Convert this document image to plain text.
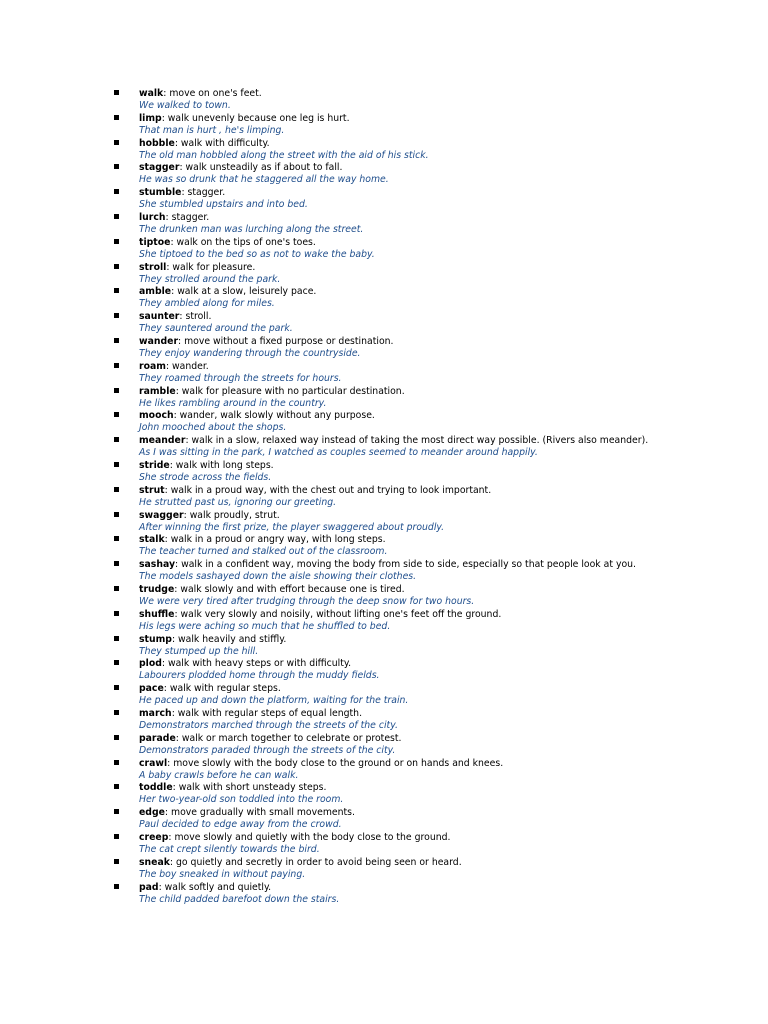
walk: move on one's feet.
We walked to town.
limp: walk unevenly because one leg is hurt.
That man is hurt , he's limping.
hobble: walk with difficulty.
The old man hobbled along the street with the aid of his stick.
stagger: walk unsteadily as if about to fall.
He was so drunk that he staggered all the way home.
stumble: stagger.
She stumbled upstairs and into bed.
lurch: stagger.
The drunken man was lurching along the street.
tiptoe: walk on the tips of one's toes.
She tiptoed to the bed so as not to wake the baby.
stroll: walk for pleasure.
They strolled around the park.
amble: walk at a slow, leisurely pace.
They ambled along for miles.
saunter: stroll.
They sauntered around the park.
wander: move without a fixed purpose or destination.
They enjoy wandering through the countryside.
roam: wander.
They roamed through the streets for hours.
ramble: walk for pleasure with no particular destination.
He likes rambling around in the country.
mooch: wander, walk slowly without any purpose.
John mooched about the shops.
meander: walk in a slow, relaxed way instead of taking the most direct way possible. (Rivers also meander).
As I was sitting in the park, I watched as couples seemed to meander around happily.
stride: walk with long steps.
She strode across the fields.
strut: walk in a proud way, with the chest out and trying to look important.
He strutted past us, ignoring our greeting.
swagger: walk proudly, strut.
After winning the first prize, the player swaggered about proudly.
stalk: walk in a proud or angry way, with long steps.
The teacher turned and stalked out of the classroom.
sashay: walk in a confident way, moving the body from side to side, especially so that people look at you.
The models sashayed down the aisle showing their clothes.
trudge: walk slowly and with effort because one is tired.
We were very tired after trudging through the deep snow for two hours.
shuffle: walk very slowly and noisily, without lifting one's feet off the ground.
His legs were aching so much that he shuffled to bed.
stump: walk heavily and stiffly.
They stumped up the hill.
plod: walk with heavy steps or with difficulty.
Labourers plodded home through the muddy fields.
pace: walk with regular steps.
He paced up and down the platform, waiting for the train.
march: walk with regular steps of equal length.
Demonstrators marched through the streets of the city.
parade: walk or march together to celebrate or protest.
Demonstrators paraded through the streets of the city.
crawl: move slowly with the body close to the ground or on hands and knees.
A baby crawls before he can walk.
toddle: walk with short unsteady steps.
Her two-year-old son toddled into the room.
edge: move gradually with small movements.
Paul decided to edge away from the crowd.
creep: move slowly and quietly with the body close to the ground.
The cat crept silently towards the bird.
sneak: go quietly and secretly in order to avoid being seen or heard.
The boy sneaked in without paying.
pad: walk softly and quietly.
The child padded barefoot down the stairs.
